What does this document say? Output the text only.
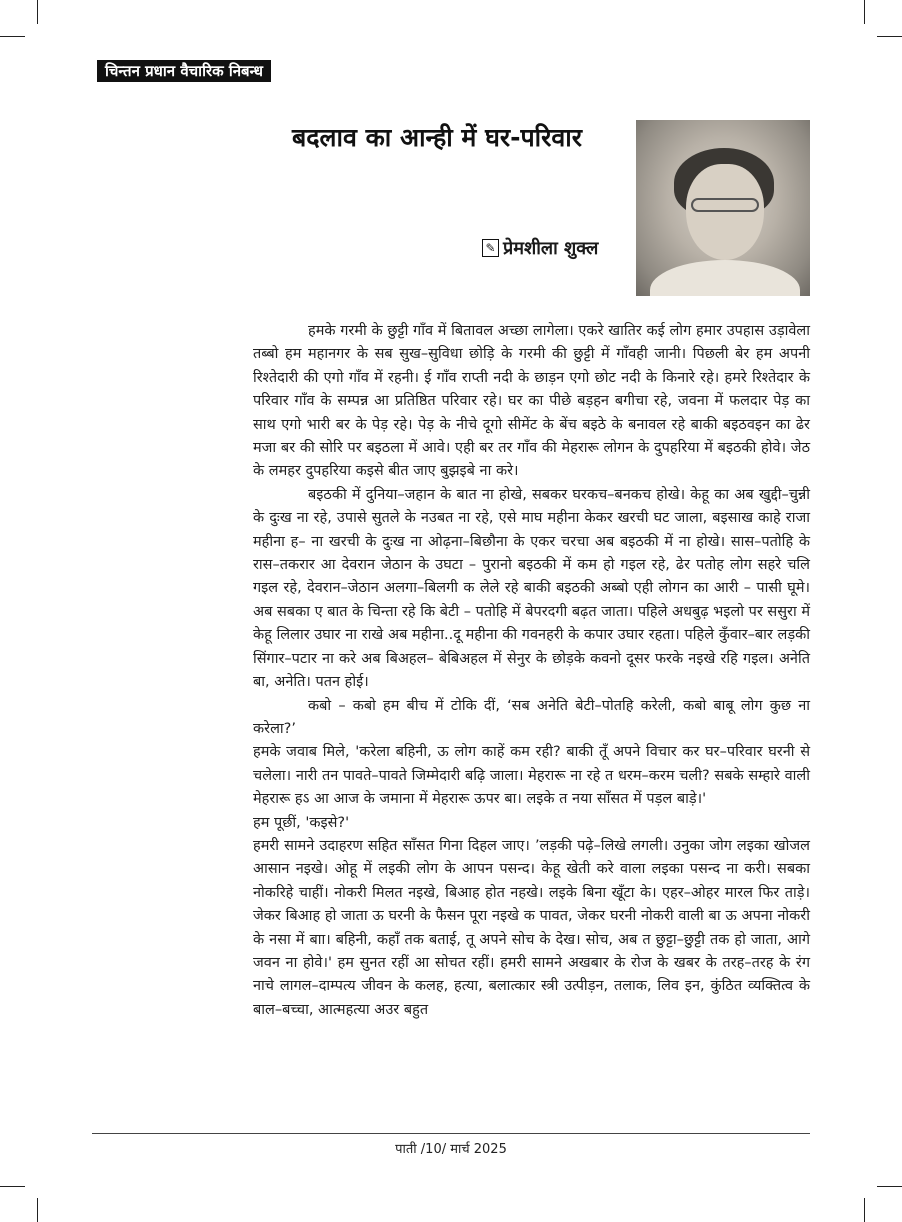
चिन्तन प्रधान वैचारिक निबन्ध
बदलाव का आन्ही में घर-परिवार
✎ प्रेमशीला शुक्ल

हमके गरमी के छुट्टी गाँव में बितावल अच्छा लागेला। एकरे खातिर कई लोग हमार उपहास उड़ावेला तब्बो हम महानगर के सब सुख–सुविधा छोड़ि के गरमी की छुट्टी में गाँवही जानी। पिछली बेर हम अपनी रिश्तेदारी की एगो गाँव में रहनी। ई गाँव राप्ती नदी के छाड़न एगो छोट नदी के किनारे रहे। हमरे रिश्तेदार के परिवार गाँव के सम्पन्न आ प्रतिष्ठित परिवार रहे। घर का पीछे बड़हन बगीचा रहे, जवना में फलदार पेड़ का साथ एगो भारी बर के पेड़ रहे। पेड़ के नीचे दूगो सीमेंट के बेंच बइठे के बनावल रहे बाकी बइठवइन का ढेर मजा बर की सोरि पर बइठला में आवे। एही बर तर गाँव की मेहरारू लोगन के दुपहरिया में बइठकी होवे। जेठ के लमहर दुपहरिया कइसे बीत जाए बुझइबे ना करे।

बइठकी में दुनिया–जहान के बात ना होखे, सबकर घरकच–बनकच होखे। केहू का अब खुद्दी–चुन्नी के दुःख ना रहे, उपासे सुतले के नउबत ना रहे, एसे माघ महीना केकर खरची घट जाला, बइसाख काहे राजा महीना ह– ना खरची के दुःख ना ओढ़ना–बिछौना के एकर चरचा अब बइठकी में ना होखे। सास–पतोहि के रास–तकरार आ देवरान जेठान के उघटा – पुरानो बइठकी में कम हो गइल रहे, ढेर पतोह लोग सहरे चलि गइल रहे, देवरान–जेठान अलगा–बिलगी क लेले रहे बाकी बइठकी अब्बो एही लोगन का आरी – पासी घूमे। अब सबका ए बात के चिन्ता रहे कि बेटी – पतोहि में बेपरदगी बढ़त जाता। पहिले अधबुढ़ भइलो पर ससुरा में केहू लिलार उघार ना राखे अब महीना..दू महीना की गवनहरी के कपार उघार रहता। पहिले कुँवार–बार लड़की सिंगार–पटार ना करे अब बिअहल– बेबिअहल में सेनुर के छोड़के कवनो दूसर फरके नइखे रहि गइल। अनेति बा, अनेति। पतन होई।

कबो – कबो हम बीच में टोकि दीं, ‘सब अनेति बेटी–पोतहि करेली, कबो बाबू लोग कुछ ना करेला?’

हमके जवाब मिले, 'करेला बहिनी, ऊ लोग काहें कम रही? बाकी तूँ अपने विचार कर घर–परिवार घरनी से चलेला। नारी तन पावते–पावते जिम्मेदारी बढ़ि जाला। मेहरारू ना रहे त धरम–करम चली? सबके सम्हारे वाली मेहरारू हऽ आ आज के जमाना में मेहरारू ऊपर बा। लइके त नया साँसत में पड़ल बाड़े।'

हम पूछीं, 'कइसे?'

हमरी सामने उदाहरण सहित साँसत गिना दिहल जाए। ’लड़की पढ़े–लिखे लगली। उनुका जोग लइका खोजल आसान नइखे। ओहू में लइकी लोग के आपन पसन्द। केहू खेती करे वाला लइका पसन्द ना करी। सबका नोकरिहे चाहीं। नोकरी मिलत नइखे, बिआह होत नहखे। लइके बिना खूँटा के। एहर–ओहर मारल फिर ताड़े। जेकर बिआह हो जाता ऊ घरनी के फैसन पूरा नइखे क पावत, जेकर घरनी नोकरी वाली बा ऊ अपना नोकरी के नसा में बाा। बहिनी, कहाँ तक बताई, तू अपने सोच के देख। सोच, अब त छुट्टा–छुट्टी तक हो जाता, आगे जवन ना होवे।' हम सुनत रहीं आ सोचत रहीं। हमरी सामने अखबार के रोज के खबर के तरह–तरह के रंग नाचे लागल–दाम्पत्य जीवन के कलह, हत्या, बलात्कार स्त्री उत्पीड़न, तलाक, लिव इन, कुंठित व्यक्तित्व के बाल–बच्चा, आत्महत्या अउर बहुत

पाती /10/ मार्च 2025
